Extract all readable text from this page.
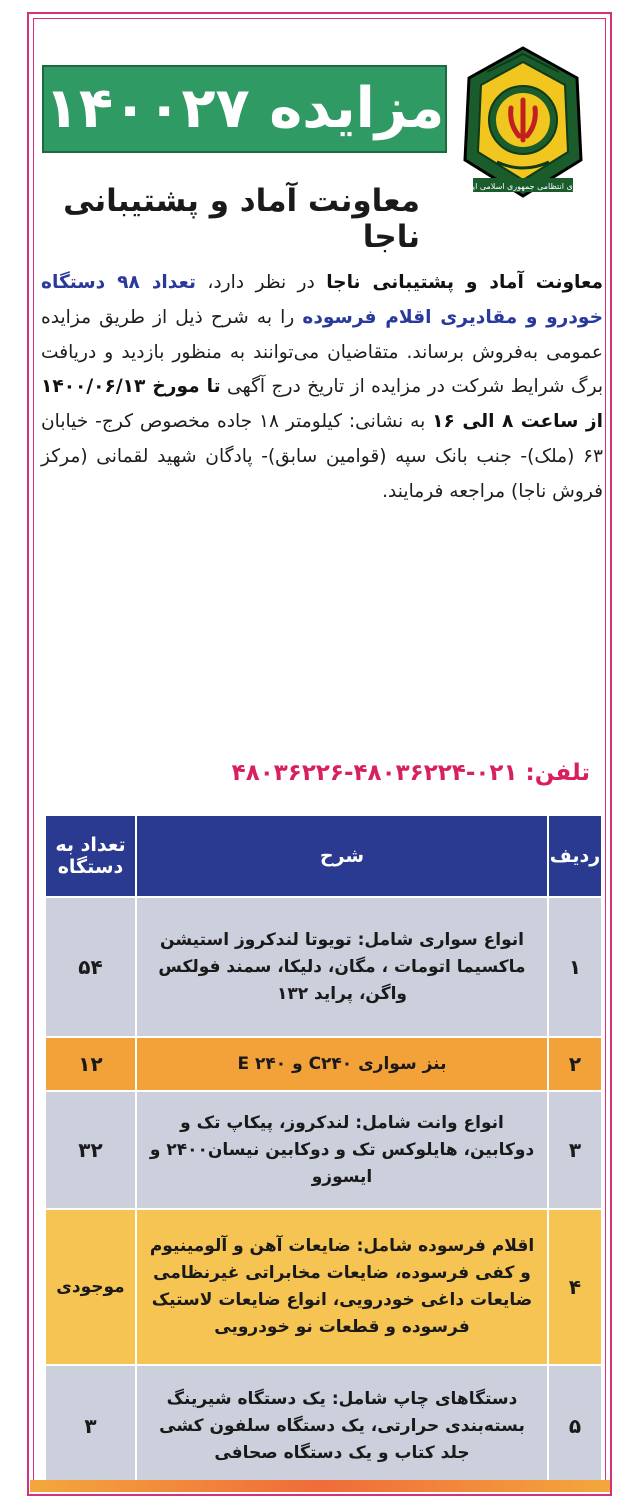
نیروی انتظامی جمهوری اسلامی ایران
مزایده ۱۴۰۰۲۷
معاونت آماد و پشتیبانی ناجا
معاونت آماد و پشتیبانی ناجا در نظر دارد، تعداد ۹۸ دستگاه خودرو و مقادیری اقلام فرسوده را به شرح ذیل از طریق مزایده عمومی به‌فروش برساند. متقاضیان می‌توانند به منظور بازدید و دریافت برگ شرایط شرکت در مزایده از تاریخ درج آگهی تا مورخ ۱۴۰۰/۰۶/۱۳ از ساعت ۸ الی ۱۶ به نشانی: کیلومتر ۱۸ جاده مخصوص کرج- خیابان ۶۳ (ملک)- جنب بانک سپه (قوامین سابق)- پادگان شهید لقمانی (مرکز فروش ناجا) مراجعه فرمایند.
تلفن: ۰۲۱-۴۸۰۳۶۲۲۴-۴۸۰۳۶۲۲۶
ردیف	شرح	تعداد به دستگاه
۱	انواع سواری شامل: تویوتا لندکروز استیشن ماکسیما اتومات ، مگان، دلیکا، سمند فولکس واگن، پراید ۱۳۲	۵۴
۲	بنز سواری C۲۴۰ و E ۲۴۰	۱۲
۳	انواع وانت شامل: لندکروز، پیکاپ تک و دوکابین، هایلوکس تک و دوکابین نیسان۲۴۰۰ و ایسوزو	۳۲
۴	اقلام فرسوده شامل: ضایعات آهن و آلومینیوم و کفی فرسوده، ضایعات مخابراتی غیرنظامی ضایعات داغی خودرویی، انواع ضایعات لاستیک فرسوده و قطعات نو خودرویی	موجودی
۵	دستگاهای چاپ شامل: یک دستگاه شیرینگ بسته‌بندی حرارتی، یک دستگاه سلفون کشی جلد کتاب و یک دستگاه صحافی	۳
